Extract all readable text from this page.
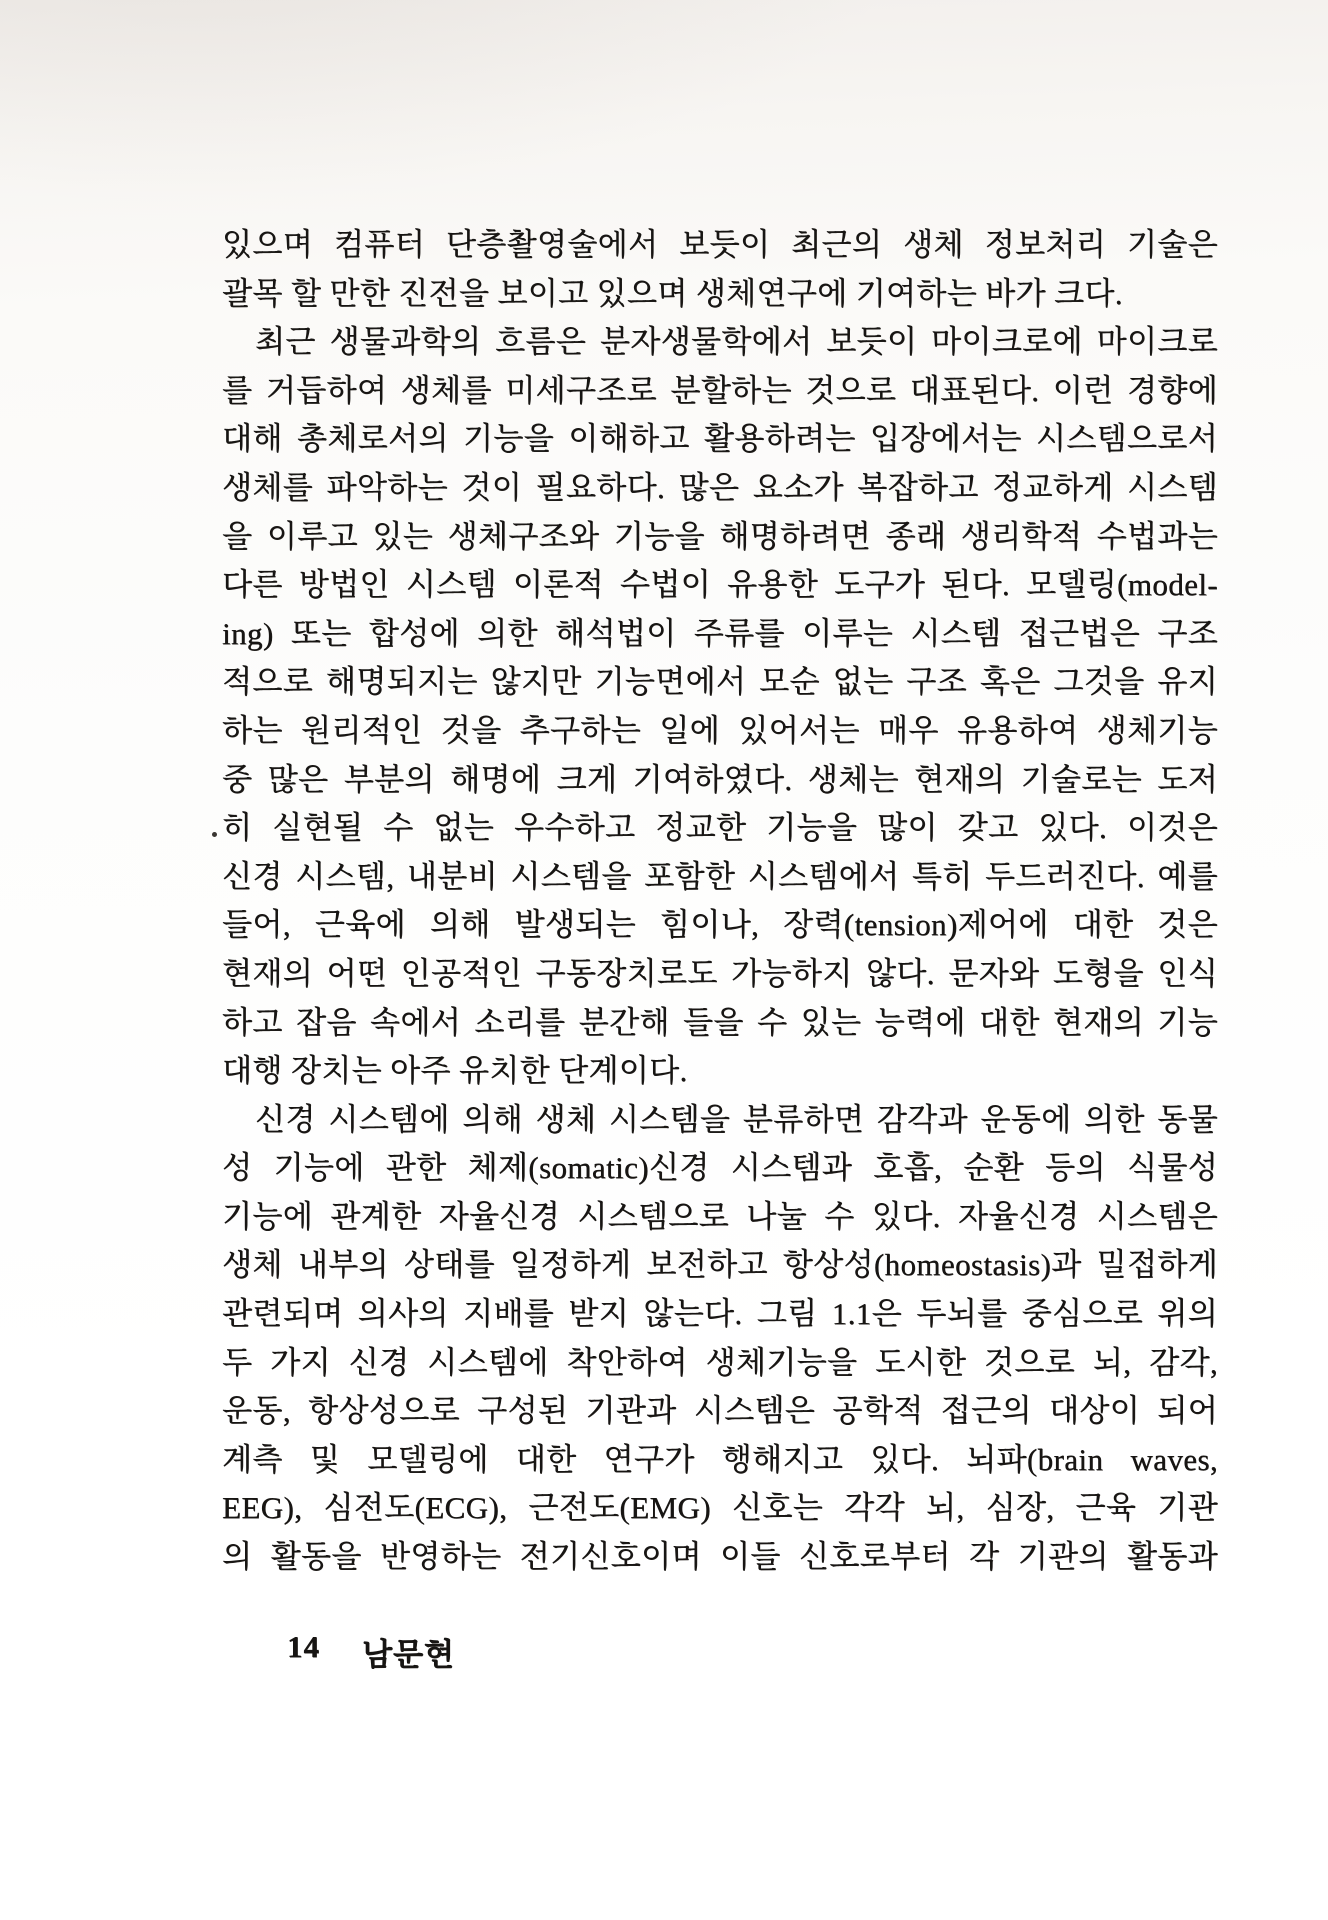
있으며 컴퓨터 단층촬영술에서 보듯이 최근의 생체 정보처리 기술은
괄목 할 만한 진전을 보이고 있으며 생체연구에 기여하는 바가 크다.
최근 생물과학의 흐름은 분자생물학에서 보듯이 마이크로에 마이크로
를 거듭하여 생체를 미세구조로 분할하는 것으로 대표된다. 이런 경향에
대해 총체로서의 기능을 이해하고 활용하려는 입장에서는 시스템으로서
생체를 파악하는 것이 필요하다. 많은 요소가 복잡하고 정교하게 시스템
을 이루고 있는 생체구조와 기능을 해명하려면 종래 생리학적 수법과는
다른 방법인 시스템 이론적 수법이 유용한 도구가 된다. 모델링(model-
ing) 또는 합성에 의한 해석법이 주류를 이루는 시스템 접근법은 구조
적으로 해명되지는 않지만 기능면에서 모순 없는 구조 혹은 그것을 유지
하는 원리적인 것을 추구하는 일에 있어서는 매우 유용하여 생체기능
중 많은 부분의 해명에 크게 기여하였다. 생체는 현재의 기술로는 도저
히 실현될 수 없는 우수하고 정교한 기능을 많이 갖고 있다. 이것은
신경 시스템, 내분비 시스템을 포함한 시스템에서 특히 두드러진다. 예를
들어, 근육에 의해 발생되는 힘이나, 장력(tension)제어에 대한 것은
현재의 어떤 인공적인 구동장치로도 가능하지 않다. 문자와 도형을 인식
하고 잡음 속에서 소리를 분간해 들을 수 있는 능력에 대한 현재의 기능
대행 장치는 아주 유치한 단계이다.
신경 시스템에 의해 생체 시스템을 분류하면 감각과 운동에 의한 동물
성 기능에 관한 체제(somatic)신경 시스템과 호흡, 순환 등의 식물성
기능에 관계한 자율신경 시스템으로 나눌 수 있다. 자율신경 시스템은
생체 내부의 상태를 일정하게 보전하고 항상성(homeostasis)과 밀접하게
관련되며 의사의 지배를 받지 않는다. 그림 1.1은 두뇌를 중심으로 위의
두 가지 신경 시스템에 착안하여 생체기능을 도시한 것으로 뇌, 감각,
운동, 항상성으로 구성된 기관과 시스템은 공학적 접근의 대상이 되어
계측 및 모델링에 대한 연구가 행해지고 있다. 뇌파(brain waves,
EEG), 심전도(ECG), 근전도(EMG) 신호는 각각 뇌, 심장, 근육 기관
의 활동을 반영하는 전기신호이며 이들 신호로부터 각 기관의 활동과
14 남문현
